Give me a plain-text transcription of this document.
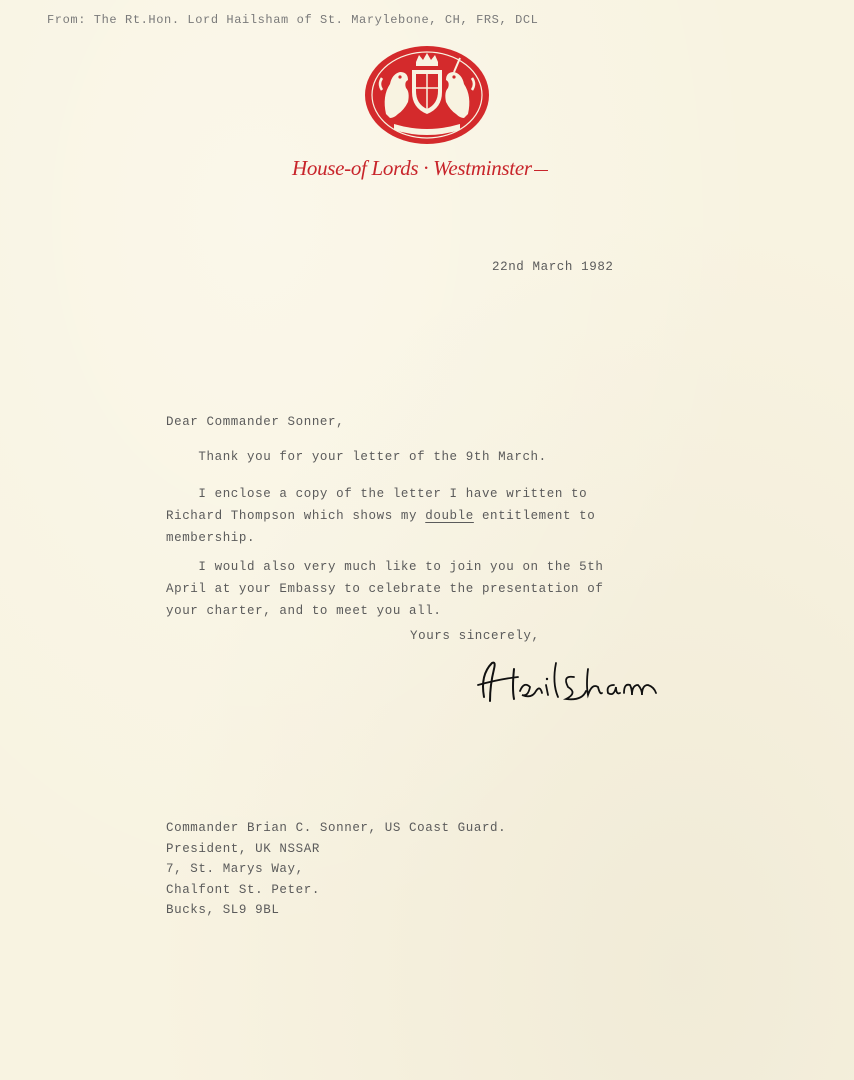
From: The Rt.Hon. Lord Hailsham of St. Marylebone, CH, FRS, DCL
House-of Lords · Westminster
22nd March 1982
Dear Commander Sonner,
Thank you for your letter of the 9th March.
I enclose a copy of the letter I have written to
Richard Thompson which shows my double entitlement to
membership.
I would also very much like to join you on the 5th
April at your Embassy to celebrate the presentation of
your charter, and to meet you all.
Yours sincerely,
Commander Brian C. Sonner, US Coast Guard.
President, UK NSSAR
7, St. Marys Way,
Chalfont St. Peter.
Bucks, SL9 9BL
